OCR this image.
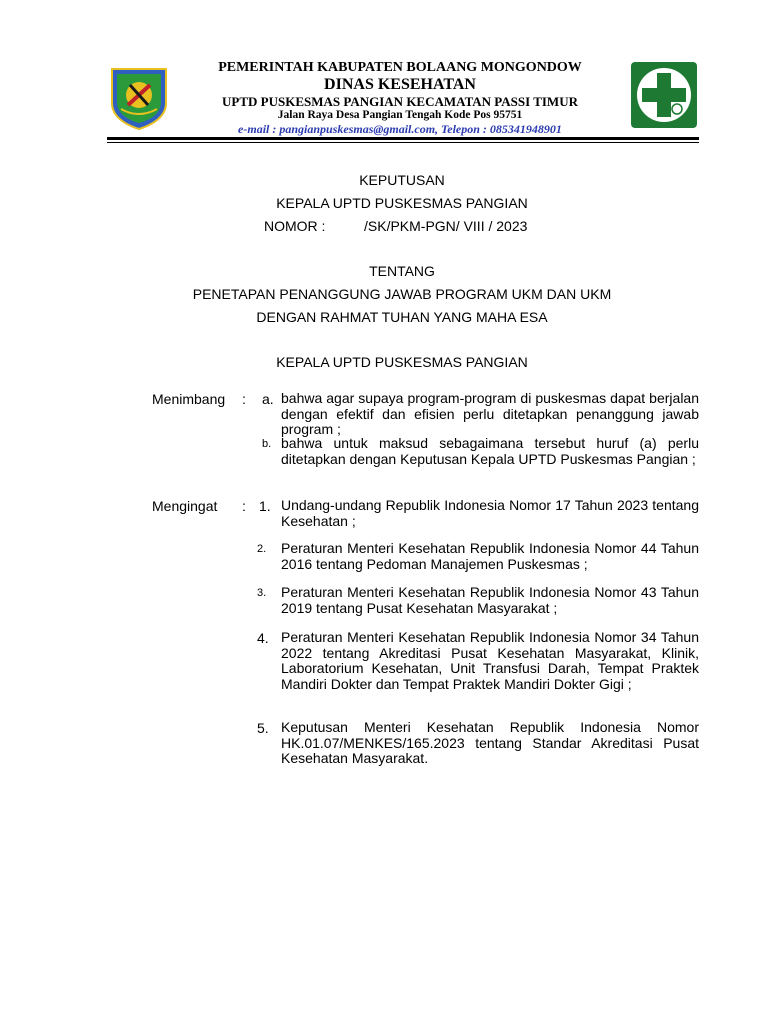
PEMERINTAH KABUPATEN BOLAANG MONGONDOW
DINAS KESEHATAN
UPTD PUSKESMAS PANGIAN KECAMATAN PASSI TIMUR
Jalan Raya Desa Pangian Tengah Kode Pos 95751
e-mail : pangianpuskesmas@gmail.com, Telepon : 085341948901
KEPUTUSAN
KEPALA UPTD PUSKESMAS PANGIAN
NOMOR :	/SK/PKM-PGN/ VIII / 2023
TENTANG
PENETAPAN PENANGGUNG JAWAB PROGRAM UKM DAN UKM
DENGAN RAHMAT TUHAN YANG MAHA ESA
KEPALA UPTD PUSKESMAS PANGIAN
Menimbang : a. bahwa agar supaya program-program di puskesmas dapat berjalan dengan efektif dan efisien perlu ditetapkan penanggung jawab program ;
b. bahwa untuk maksud sebagaimana tersebut huruf (a) perlu ditetapkan dengan Keputusan Kepala UPTD Puskesmas Pangian ;
Mengingat : 1. Undang-undang Republik Indonesia Nomor 17 Tahun 2023 tentang Kesehatan ;
2. Peraturan Menteri Kesehatan Republik Indonesia Nomor 44 Tahun 2016 tentang Pedoman Manajemen Puskesmas ;
3. Peraturan Menteri Kesehatan Republik Indonesia Nomor 43 Tahun 2019 tentang Pusat Kesehatan Masyarakat ;
4. Peraturan Menteri Kesehatan Republik Indonesia Nomor 34 Tahun 2022 tentang Akreditasi Pusat Kesehatan Masyarakat, Klinik, Laboratorium Kesehatan, Unit Transfusi Darah, Tempat Praktek Mandiri Dokter dan Tempat Praktek Mandiri Dokter Gigi ;
5. Keputusan Menteri Kesehatan Republik Indonesia Nomor HK.01.07/MENKES/165.2023 tentang Standar Akreditasi Pusat Kesehatan Masyarakat.
